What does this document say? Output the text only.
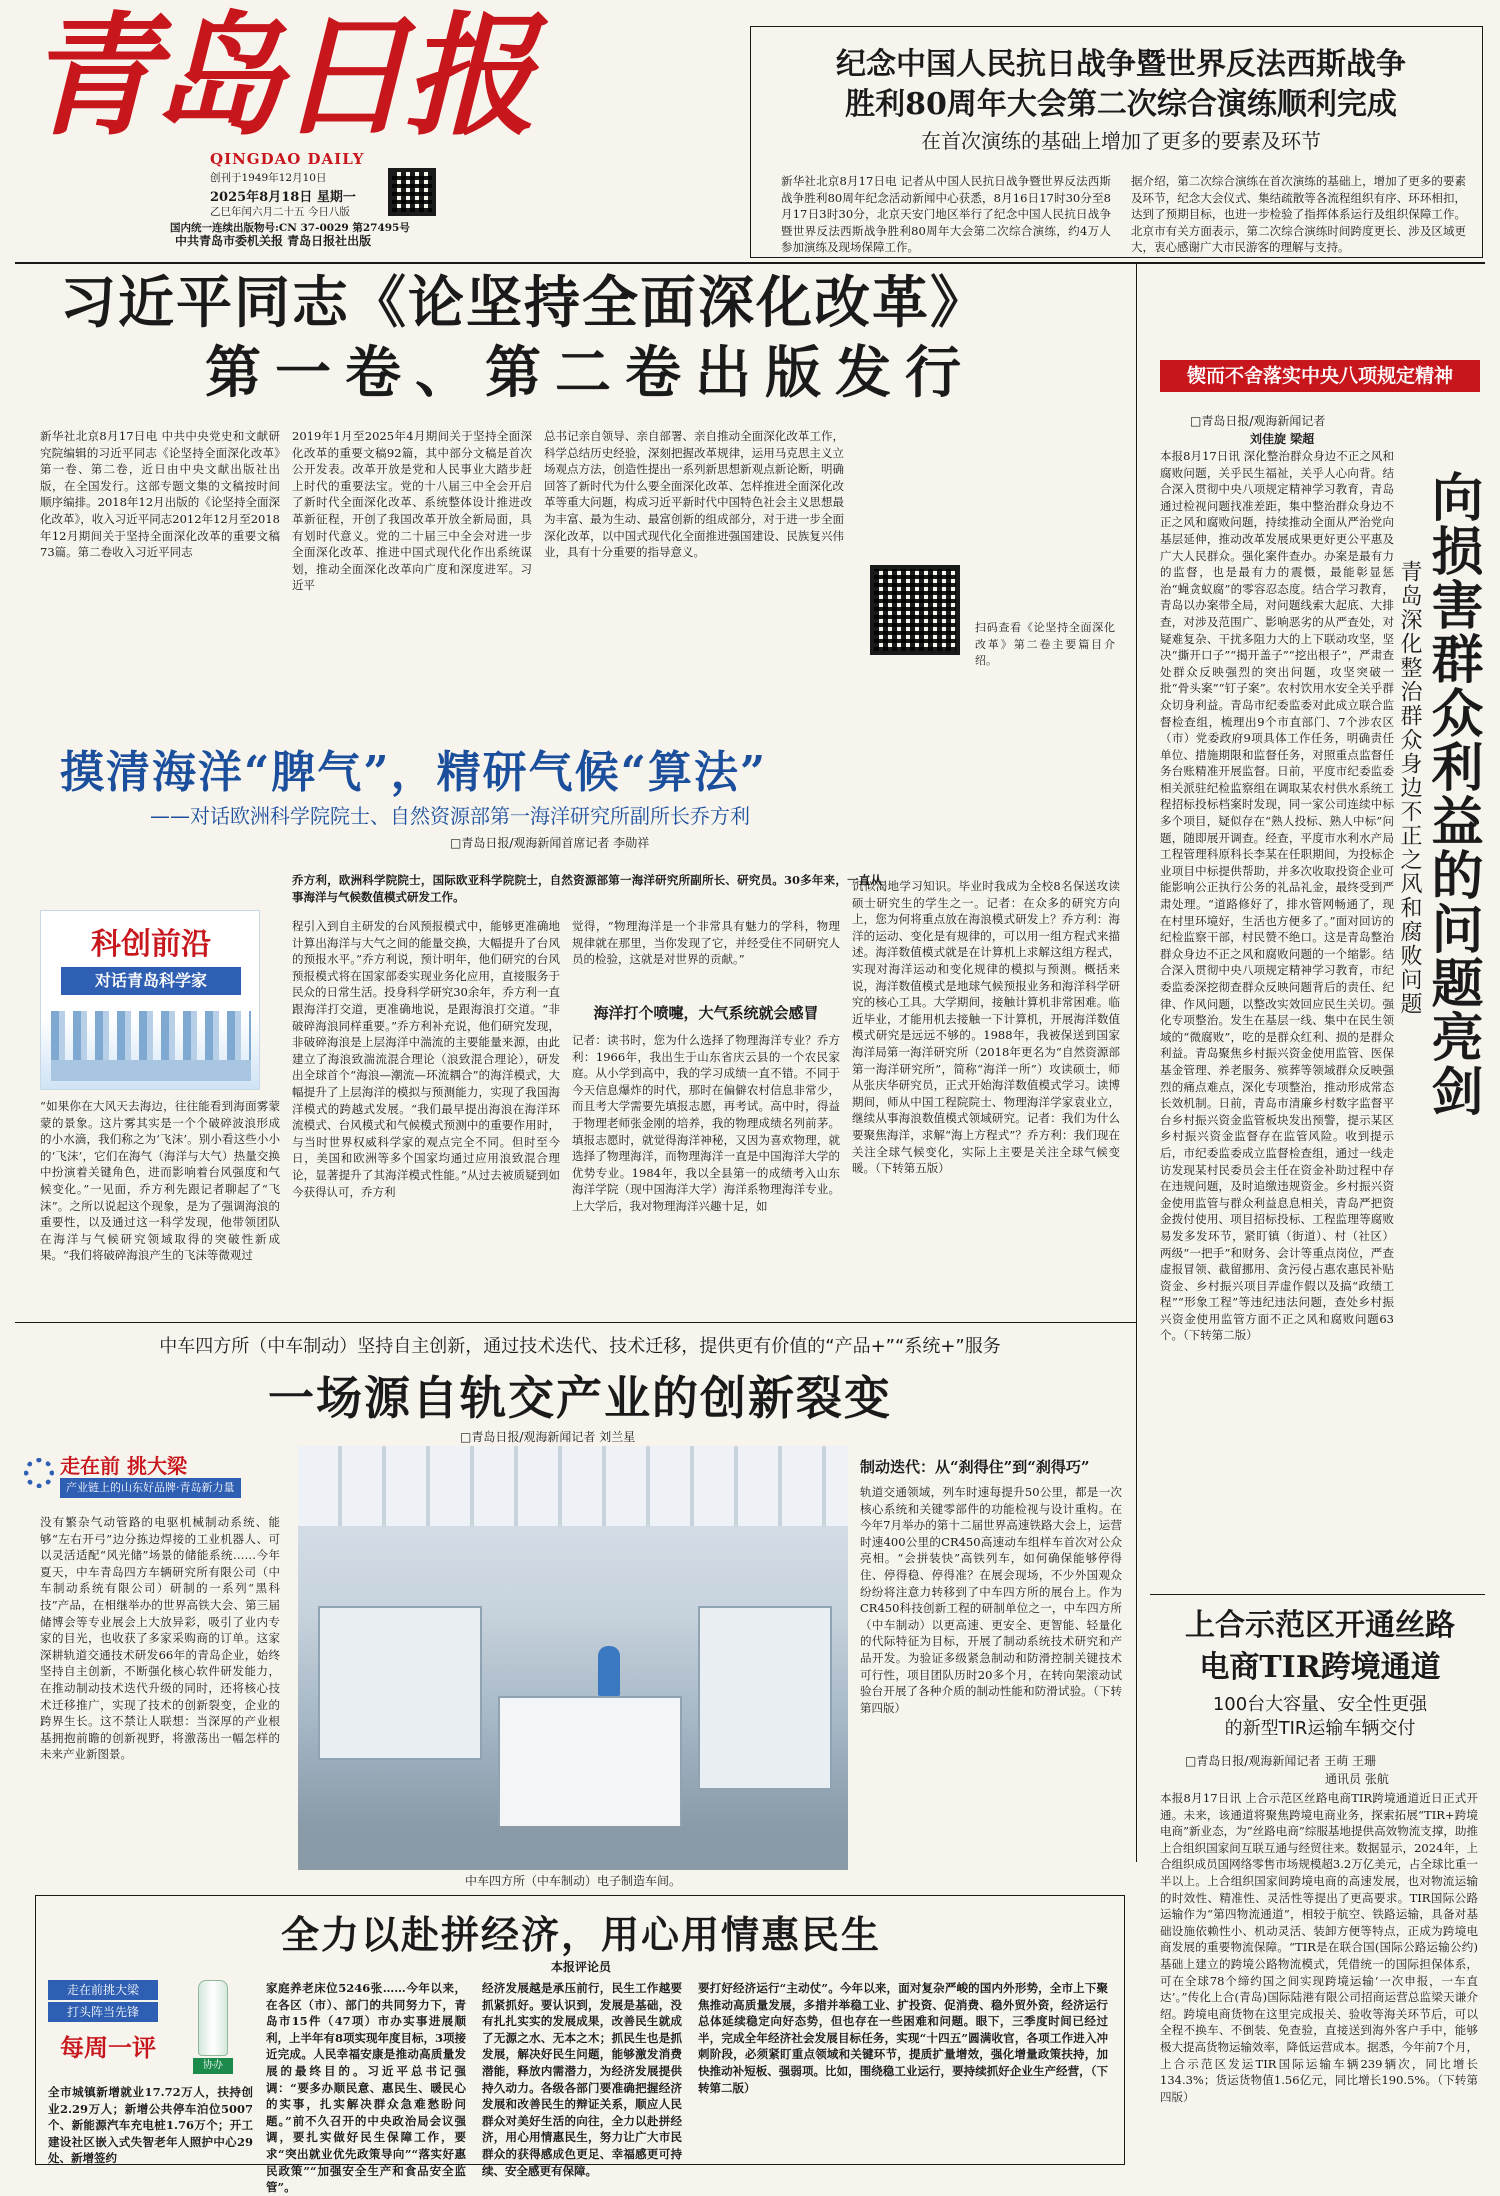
青岛日报
QINGDAO DAILY
创刊于1949年12月10日
2025年8月18日 星期一
乙巳年闰六月二十五 今日八版
国内统一连续出版物号:CN 37-0029 第27495号
中共青岛市委机关报 青岛日报社出版
纪念中国人民抗日战争暨世界反法西斯战争
胜利80周年大会第二次综合演练顺利完成
在首次演练的基础上增加了更多的要素及环节
新华社北京8月17日电 记者从中国人民抗日战争暨世界反法西斯战争胜利80周年纪念活动新闻中心获悉，8月16日17时30分至8月17日3时30分，北京天安门地区举行了纪念中国人民抗日战争暨世界反法西斯战争胜利80周年大会第二次综合演练，约4万人参加演练及现场保障工作。
据介绍，第二次综合演练在首次演练的基础上，增加了更多的要素及环节，纪念大会仪式、集结疏散等各流程组织有序、环环相扣，达到了预期目标，也进一步检验了指挥体系运行及组织保障工作。北京市有关方面表示，第二次综合演练时间跨度更长、涉及区域更大，衷心感谢广大市民游客的理解与支持。
习近平同志《论坚持全面深化改革》
第一卷、第二卷出版发行
新华社北京8月17日电 中共中央党史和文献研究院编辑的习近平同志《论坚持全面深化改革》第一卷、第二卷，近日由中央文献出版社出版，在全国发行。这部专题文集的文稿按时间顺序编排。2018年12月出版的《论坚持全面深化改革》，收入习近平同志2012年12月至2018年12月期间关于坚持全面深化改革的重要文稿73篇。第二卷收入习近平同志
2019年1月至2025年4月期间关于坚持全面深化改革的重要文稿92篇，其中部分文稿是首次公开发表。改革开放是党和人民事业大踏步赶上时代的重要法宝。党的十八届三中全会开启了新时代全面深化改革、系统整体设计推进改革新征程，开创了我国改革开放全新局面，具有划时代意义。党的二十届三中全会对进一步全面深化改革、推进中国式现代化作出系统谋划，推动全面深化改革向广度和深度进军。习近平
总书记亲自领导、亲自部署、亲自推动全面深化改革工作，科学总结历史经验，深刻把握改革规律，运用马克思主义立场观点方法，创造性提出一系列新思想新观点新论断，明确回答了新时代为什么要全面深化改革、怎样推进全面深化改革等重大问题，构成习近平新时代中国特色社会主义思想最为丰富、最为生动、最富创新的组成部分，对于进一步全面深化改革，以中国式现代化全面推进强国建设、民族复兴伟业，具有十分重要的指导意义。
扫码查看《论坚持全面深化改革》第二卷主要篇目介绍。
摸清海洋“脾气”，精研气候“算法”
——对话欧洲科学院院士、自然资源部第一海洋研究所副所长乔方利
□青岛日报/观海新闻首席记者 李勋祥
科创前沿
对话青岛科学家
乔方利，欧洲科学院院士，国际欧亚科学院院士，自然资源部第一海洋研究所副所长、研究员。30多年来，一直从事海洋与气候数值模式研发工作。
“如果你在大风天去海边，往往能看到海面雾蒙蒙的景象。这片雾其实是一个个破碎波浪形成的小水滴，我们称之为‘飞沫’。别小看这些小小的‘飞沫’，它们在海气（海洋与大气）热量交换中扮演着关键角色，进而影响着台风强度和气候变化。”一见面，乔方利先跟记者聊起了“飞沫”。之所以说起这个现象，是为了强调海浪的重要性，以及通过这一科学发现，他带领团队在海洋与气候研究领域取得的突破性新成果。“我们将破碎海浪产生的飞沫等微观过
程引入到自主研发的台风预报模式中，能够更准确地计算出海洋与大气之间的能量交换，大幅提升了台风的预报水平。”乔方利说，预计明年，他们研究的台风预报模式将在国家部委实现业务化应用，直接服务于民众的日常生活。投身科学研究30余年，乔方利一直跟海洋打交道，更准确地说，是跟海浪打交道。“非破碎海浪同样重要。”乔方利补充说，他们研究发现，非破碎海浪是上层海洋中湍流的主要能量来源，由此建立了海浪致湍流混合理论（浪致混合理论），研发出全球首个“海浪—潮流—环流耦合”的海洋模式，大幅提升了上层海洋的模拟与预测能力，实现了我国海洋模式的跨越式发展。“我们最早提出海浪在海洋环流模式、台风模式和气候模式预测中的重要作用时，与当时世界权威科学家的观点完全不同。但时至今日，美国和欧洲等多个国家均通过应用浪致混合理论，显著提升了其海洋模式性能。”从过去被质疑到如今获得认可，乔方利
觉得，“物理海洋是一个非常具有魅力的学科，物理规律就在那里，当你发现了它，并经受住不同研究人员的检验，这就是对世界的贡献。”
海洋打个喷嚏，大气系统就会感冒
记者：读书时，您为什么选择了物理海洋专业？乔方利：1966年，我出生于山东省庆云县的一个农民家庭。从小学到高中，我的学习成绩一直不错。不同于今天信息爆炸的时代，那时在偏僻农村信息非常少，而且考大学需要先填报志愿，再考试。高中时，得益于物理老师张金刚的培养，我的物理成绩名列前茅。填报志愿时，就觉得海洋神秘，又因为喜欢物理，就选择了物理海洋，而物理海洋一直是中国海洋大学的优势专业。1984年，我以全县第一的成绩考入山东海洋学院（现中国海洋大学）海洋系物理海洋专业。上大学后，我对物理海洋兴趣十足，如
饥似渴地学习知识。毕业时我成为全校8名保送攻读硕士研究生的学生之一。记者：在众多的研究方向上，您为何将重点放在海浪模式研发上？乔方利：海洋的运动、变化是有规律的，可以用一组方程式来描述。海洋数值模式就是在计算机上求解这组方程式，实现对海洋运动和变化规律的模拟与预测。概括来说，海洋数值模式是地球气候预报业务和海洋科学研究的核心工具。大学期间，接触计算机非常困难。临近毕业，才能用机去接触一下计算机，开展海洋数值模式研究是远远不够的。1988年，我被保送到国家海洋局第一海洋研究所（2018年更名为“自然资源部第一海洋研究所”，简称“海洋一所”）攻读硕士，师从张庆华研究员，正式开始海洋数值模式学习。读博期间，师从中国工程院院士、物理海洋学家袁业立，继续从事海浪数值模式领域研究。记者：我们为什么要聚焦海洋，求解“海上方程式”？乔方利：我们现在关注全球气候变化，实际上主要是关注全球气候变暖。（下转第五版）
锲而不舍落实中央八项规定精神
□青岛日报/观海新闻记者
刘佳旋 梁超
本报8月17日讯 深化整治群众身边不正之风和腐败问题，关乎民生福祉，关乎人心向背。结合深入贯彻中央八项规定精神学习教育，青岛通过检视问题找准差距，集中整治群众身边不正之风和腐败问题，持续推动全面从严治党向基层延伸，推动改革发展成果更好更公平惠及广大人民群众。强化案件查办。办案是最有力的监督，也是最有力的震慑，最能彰显惩治“蝇贪蚁腐”的零容忍态度。结合学习教育，青岛以办案带全局，对问题线索大起底、大排查，对涉及范围广、影响恶劣的从严查处，对疑难复杂、干扰多阻力大的上下联动攻坚，坚决“撕开口子”“揭开盖子”“挖出根子”，严肃查处群众反映强烈的突出问题，攻坚突破一批“骨头案”“钉子案”。农村饮用水安全关乎群众切身利益。青岛市纪委监委对此成立联合监督检查组，梳理出9个市直部门、7个涉农区（市）党委政府9项具体工作任务，明确责任单位、措施期限和监督任务，对照重点监督任务台账精准开展监督。日前，平度市纪委监委相关派驻纪检监察组在调取某农村供水系统工程招标投标档案时发现，同一家公司连续中标多个项目，疑似存在“熟人投标、熟人中标”问题，随即展开调查。经查，平度市水利水产局工程管理科原科长李某在任职期间，为投标企业项目中标提供帮助，并多次收取投资企业可能影响公正执行公务的礼品礼金，最终受到严肃处理。“道路修好了，排水管网畅通了，现在村里环境好，生活也方便多了。”面对回访的纪检监察干部，村民赞不绝口。这是青岛整治群众身边不正之风和腐败问题的一个缩影。结合深入贯彻中央八项规定精神学习教育，市纪委监委深挖彻查群众反映问题背后的责任、纪律、作风问题，以整改实效回应民生关切。强化专项整治。发生在基层一线、集中在民生领域的“微腐败”，吃的是群众红利、损的是群众利益。青岛聚焦乡村振兴资金使用监管、医保基金管理、养老服务、殡葬等领域群众反映强烈的痛点难点，深化专项整治，推动形成常态长效机制。日前，青岛市清廉乡村数字监督平台乡村振兴资金监管板块发出预警，提示某区乡村振兴资金监督存在监管风险。收到提示后，市纪委监委成立监督检查组，通过一线走访发现某村民委员会主任在资金补助过程中存在违规问题，及时追缴违规资金。乡村振兴资金使用监管与群众利益息息相关，青岛严把资金拨付使用、项目招标投标、工程监理等腐败易发多发环节，紧盯镇（街道）、村（社区）两级“一把手”和财务、会计等重点岗位，严查虚报冒领、截留挪用、贪污侵占惠农惠民补贴资金、乡村振兴项目弄虚作假以及搞“政绩工程”“形象工程”等违纪违法问题，查处乡村振兴资金使用监管方面不正之风和腐败问题63个。（下转第二版）
向损害群众利益的问题亮剑
青岛深化整治群众身边不正之风和腐败问题
上合示范区开通丝路
电商TIR跨境通道
100台大容量、安全性更强
的新型TIR运输车辆交付
□青岛日报/观海新闻记者 王萌 王珊
通讯员 张航
本报8月17日讯 上合示范区丝路电商TIR跨境通道近日正式开通。未来，该通道将聚焦跨境电商业务，探索拓展“TIR+跨境电商”新业态，为“丝路电商”综服基地提供高效物流支撑，助推上合组织国家间互联互通与经贸往来。数据显示，2024年，上合组织成员国网络零售市场规模超3.2万亿美元，占全球比重一半以上。上合组织国家间跨境电商的高速发展，也对物流运输的时效性、精准性、灵活性等提出了更高要求。TIR国际公路运输作为“第四物流通道”，相较于航空、铁路运输，具备对基础设施依赖性小、机动灵活、装卸方便等特点，正成为跨境电商发展的重要物流保障。“TIR是在联合国(国际公路运输公约)基础上建立的跨境公路物流模式，凭借统一的国际担保体系，可在全球78个缔约国之间实现跨境运输‘一次申报，一车直达’。”传化上合(青岛)国际陆港有限公司招商运营总监梁天谦介绍。跨境电商货物在这里完成报关、验收等海关环节后，可以全程不换车、不倒装、免查验，直接送到海外客户手中，能够极大提高货物运输效率，降低运营成本。据悉，今年前7个月，上合示范区发运TIR国际运输车辆239辆次，同比增长134.3%；货运货物值1.56亿元，同比增长190.5%。（下转第四版）
中车四方所（中车制动）坚持自主创新，通过技术迭代、技术迁移，提供更有价值的“产品+”“系统+”服务
一场源自轨交产业的创新裂变
□青岛日报/观海新闻记者 刘兰星
走在前 挑大梁
产业链上的山东好品牌·青岛新力量
没有繁杂气动管路的电驱机械制动系统、能够“左右开弓”边分拣边焊接的工业机器人、可以灵活适配“风光储”场景的储能系统……今年夏天，中车青岛四方车辆研究所有限公司（中车制动系统有限公司）研制的一系列“黑科技”产品，在相继举办的世界高铁大会、第三届储博会等专业展会上大放异彩，吸引了业内专家的目光，也收获了多家采购商的订单。这家深耕轨道交通技术研发66年的青岛企业，始终坚持自主创新，不断强化核心软件研发能力，在推动制动技术迭代升级的同时，还将核心技术迁移推广，实现了技术的创新裂变，企业的跨界生长。这不禁让人联想：当深厚的产业根基拥抱前瞻的创新视野，将激荡出一幅怎样的未来产业新图景。
中车四方所（中车制动）电子制造车间。
制动迭代：从“刹得住”到“刹得巧”
轨道交通领域，列车时速每提升50公里，都是一次核心系统和关键零部件的功能检视与设计重构。在今年7月举办的第十二届世界高速铁路大会上，运营时速400公里的CR450高速动车组样车首次对公众亮相。“会拼装快”高铁列车，如何确保能够停得住、停得稳、停得准？在展会现场，不少外国观众纷纷将注意力转移到了中车四方所的展台上。作为CR450科技创新工程的研制单位之一，中车四方所（中车制动）以更高速、更安全、更智能、轻量化的代际特征为目标，开展了制动系统技术研究和产品开发。为验证多级紧急制动和防滑控制关键技术可行性，项目团队历时20多个月，在转向架滚动试验台开展了各种介质的制动性能和防滑试验。（下转第四版）
全力以赴拼经济，用心用情惠民生
本报评论员
走在前挑大梁
打头阵当先锋
每周一评
协办
全市城镇新增就业17.72万人，扶持创业2.29万人；新增公共停车泊位5007个、新能源汽车充电桩1.76万个；开工建设社区嵌入式失智老年人照护中心29处、新增签约
家庭养老床位5246张……今年以来，在各区（市）、部门的共同努力下，青岛市15件（47项）市办实事进展顺利，上半年有8项实现年度目标，3项接近完成。人民幸福安康是推动高质量发展的最终目的。习近平总书记强调：“要多办顺民意、惠民生、暖民心的实事，扎实解决群众急难愁盼问题。”前不久召开的中央政治局会议强调，要扎实做好民生保障工作，要求“突出就业优先政策导向”“落实好惠民政策”“加强安全生产和食品安全监管”。
经济发展越是承压前行，民生工作越要抓紧抓好。要认识到，发展是基础，没有扎扎实实的发展成果，改善民生就成了无源之水、无本之木；抓民生也是抓发展，解决好民生问题，能够激发消费潜能，释放内需潜力，为经济发展提供持久动力。各级各部门要准确把握经济发展和改善民生的辩证关系，顺应人民群众对美好生活的向往，全力以赴拼经济，用心用情惠民生，努力让广大市民群众的获得感成色更足、幸福感更可持续、安全感更有保障。
要打好经济运行“主动仗”。今年以来，面对复杂严峻的国内外形势，全市上下聚焦推动高质量发展，多措并举稳工业、扩投资、促消费、稳外贸外资，经济运行总体延续稳定向好态势，但也存在一些困难和问题。眼下，三季度时间已经过半，完成全年经济社会发展目标任务，实现“十四五”圆满收官，各项工作进入冲刺阶段，必须紧盯重点领域和关键环节，提质扩量增效，强化增量政策扶持，加快推动补短板、强弱项。比如，围绕稳工业运行，要持续抓好企业生产经营，（下转第二版）
